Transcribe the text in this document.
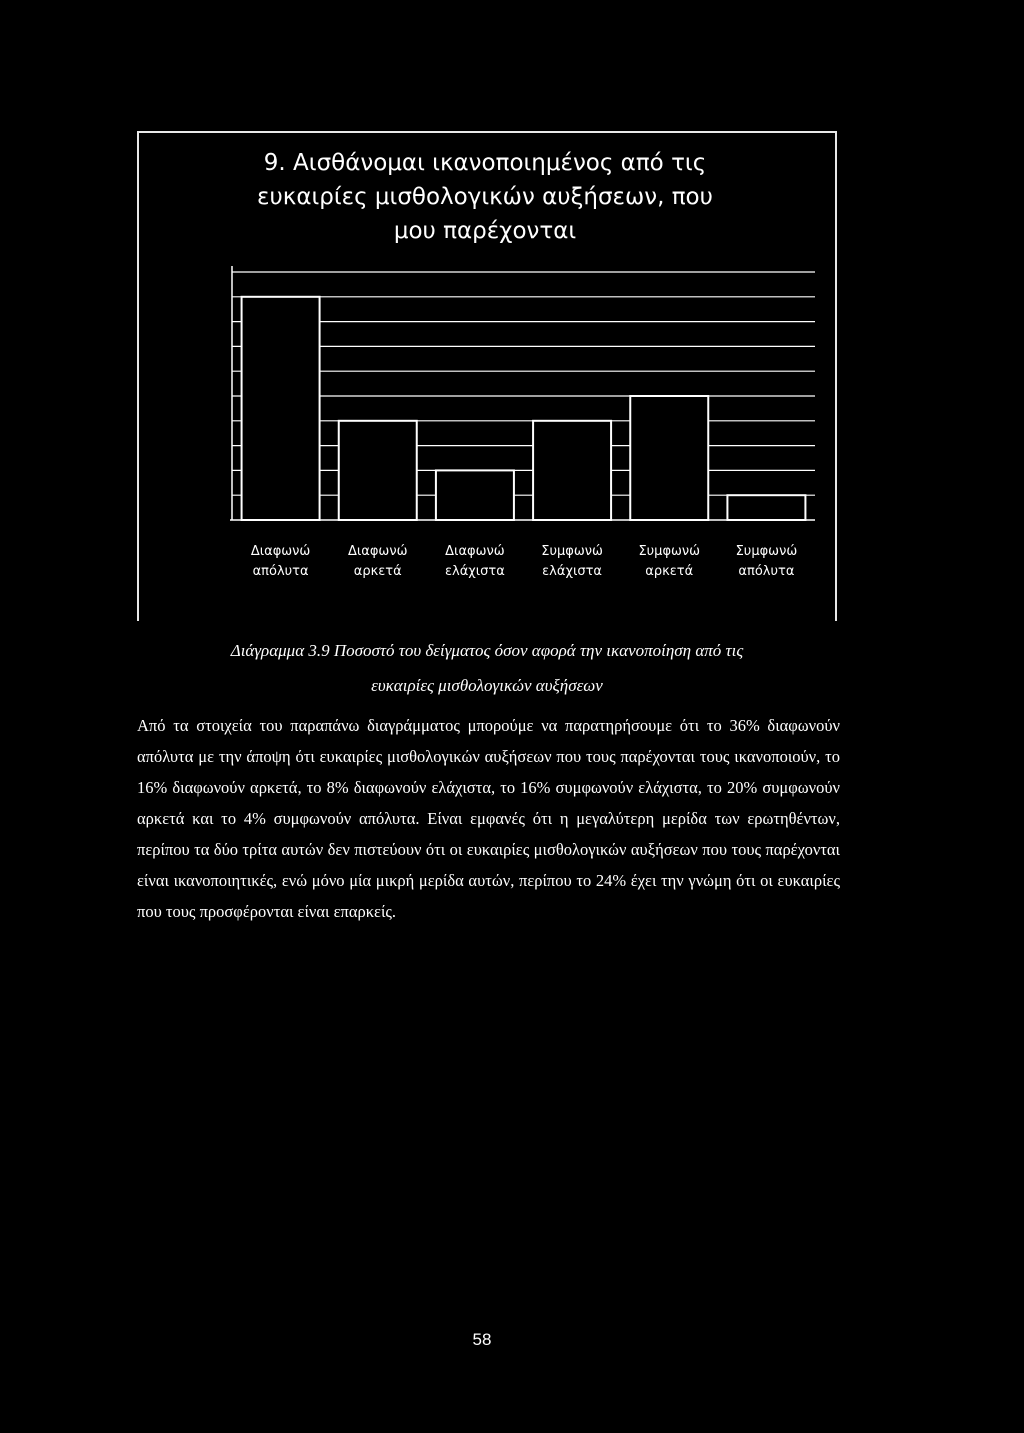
9. Αισθάνομαι ικανοποιημένος από τις
ευκαιρίες μισθολογικών αυξήσεων, που
μου παρέχονται
Διαφωνώ
απόλυτα
Διαφωνώ
αρκετά
Διαφωνώ
ελάχιστα
Συμφωνώ
ελάχιστα
Συμφωνώ
αρκετά
Συμφωνώ
απόλυτα
Διάγραμμα 3.9 Ποσοστό του δείγματος όσον αφορά την ικανοποίηση από τις
ευκαιρίες μισθολογικών αυξήσεων

Από τα στοιχεία του παραπάνω διαγράμματος μπορούμε να παρατηρήσουμε ότι το 36% διαφωνούν απόλυτα με την άποψη ότι ευκαιρίες μισθολογικών αυξήσεων που τους παρέχονται τους ικανοποιούν, το 16% διαφωνούν αρκετά, το 8% διαφωνούν ελάχιστα, το 16% συμφωνούν ελάχιστα, το 20% συμφωνούν αρκετά και το 4% συμφωνούν απόλυτα. Είναι εμφανές ότι η μεγαλύτερη μερίδα των ερωτηθέντων, περίπου τα δύο τρίτα αυτών δεν πιστεύουν ότι οι ευκαιρίες μισθολογικών αυξήσεων που τους παρέχονται είναι ικανοποιητικές, ενώ μόνο μία μικρή μερίδα αυτών, περίπου το 24% έχει την γνώμη ότι οι ευκαιρίες που τους προσφέρονται είναι επαρκείς.

58
